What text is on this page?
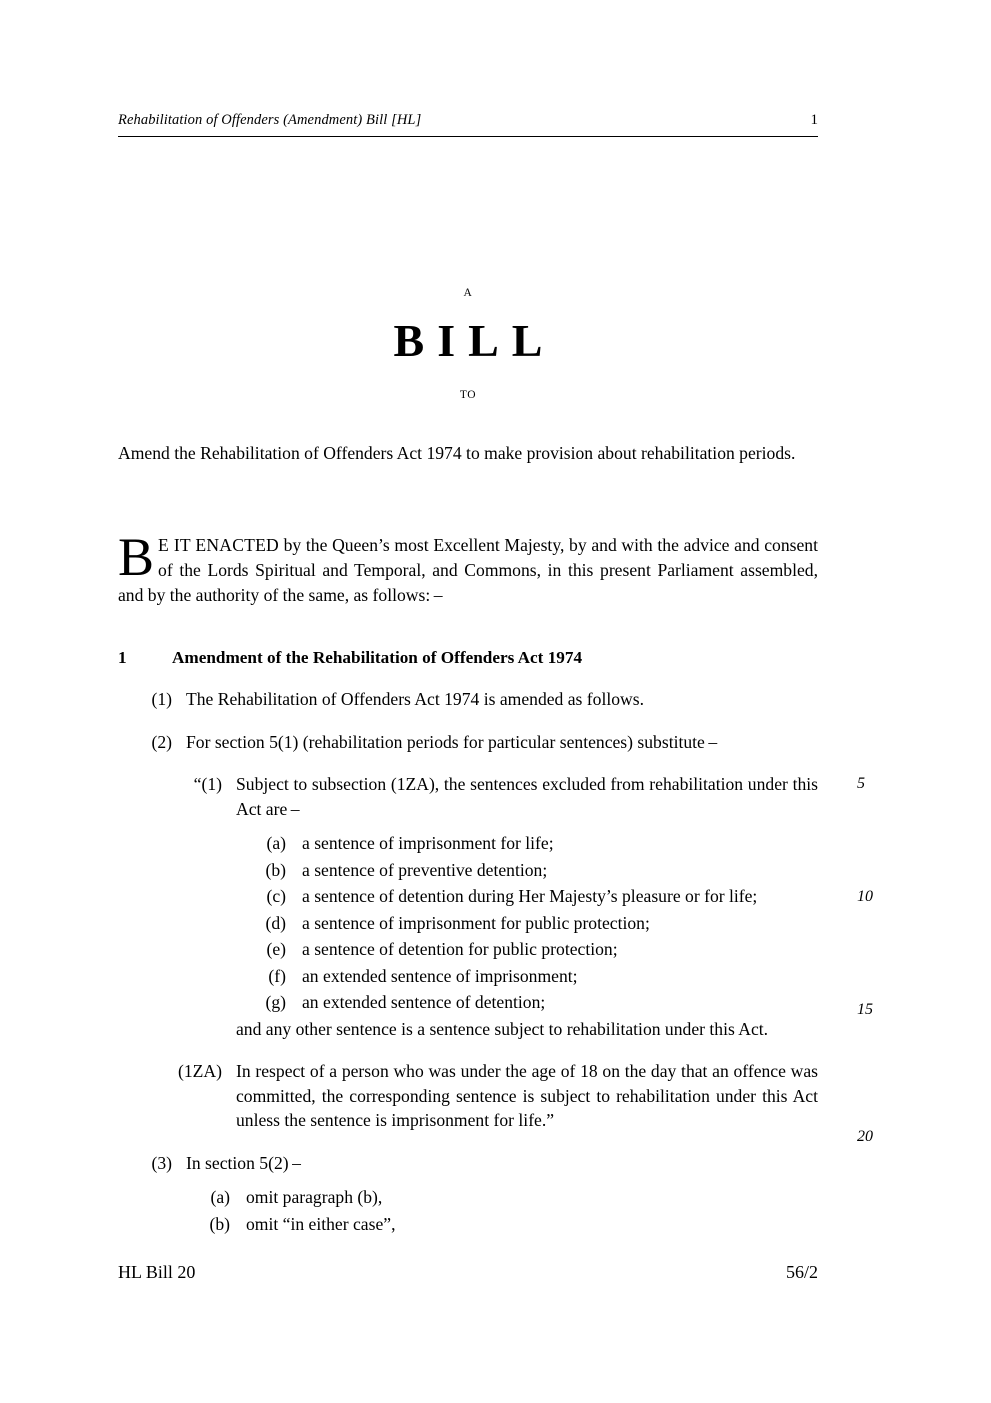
Rehabilitation of Offenders (Amendment) Bill [HL]	1
A
BILL
TO
Amend the Rehabilitation of Offenders Act 1974 to make provision about rehabilitation periods.
B E IT ENACTED by the Queen’s most Excellent Majesty, by and with the advice and consent of the Lords Spiritual and Temporal, and Commons, in this present Parliament assembled, and by the authority of the same, as follows: –
1	Amendment of the Rehabilitation of Offenders Act 1974
(1) The Rehabilitation of Offenders Act 1974 is amended as follows.
(2) For section 5(1) (rehabilitation periods for particular sentences) substitute –
“(1) Subject to subsection (1ZA), the sentences excluded from rehabilitation under this Act are –
(a) a sentence of imprisonment for life;
(b) a sentence of preventive detention;
(c) a sentence of detention during Her Majesty’s pleasure or for life;
(d) a sentence of imprisonment for public protection;
(e) a sentence of detention for public protection;
(f) an extended sentence of imprisonment;
(g) an extended sentence of detention;
and any other sentence is a sentence subject to rehabilitation under this Act.
(1ZA) In respect of a person who was under the age of 18 on the day that an offence was committed, the corresponding sentence is subject to rehabilitation under this Act unless the sentence is imprisonment for life.”
(3) In section 5(2) –
(a) omit paragraph (b),
(b) omit “in either case”,
5
10
15
20
HL Bill 20	56/2
